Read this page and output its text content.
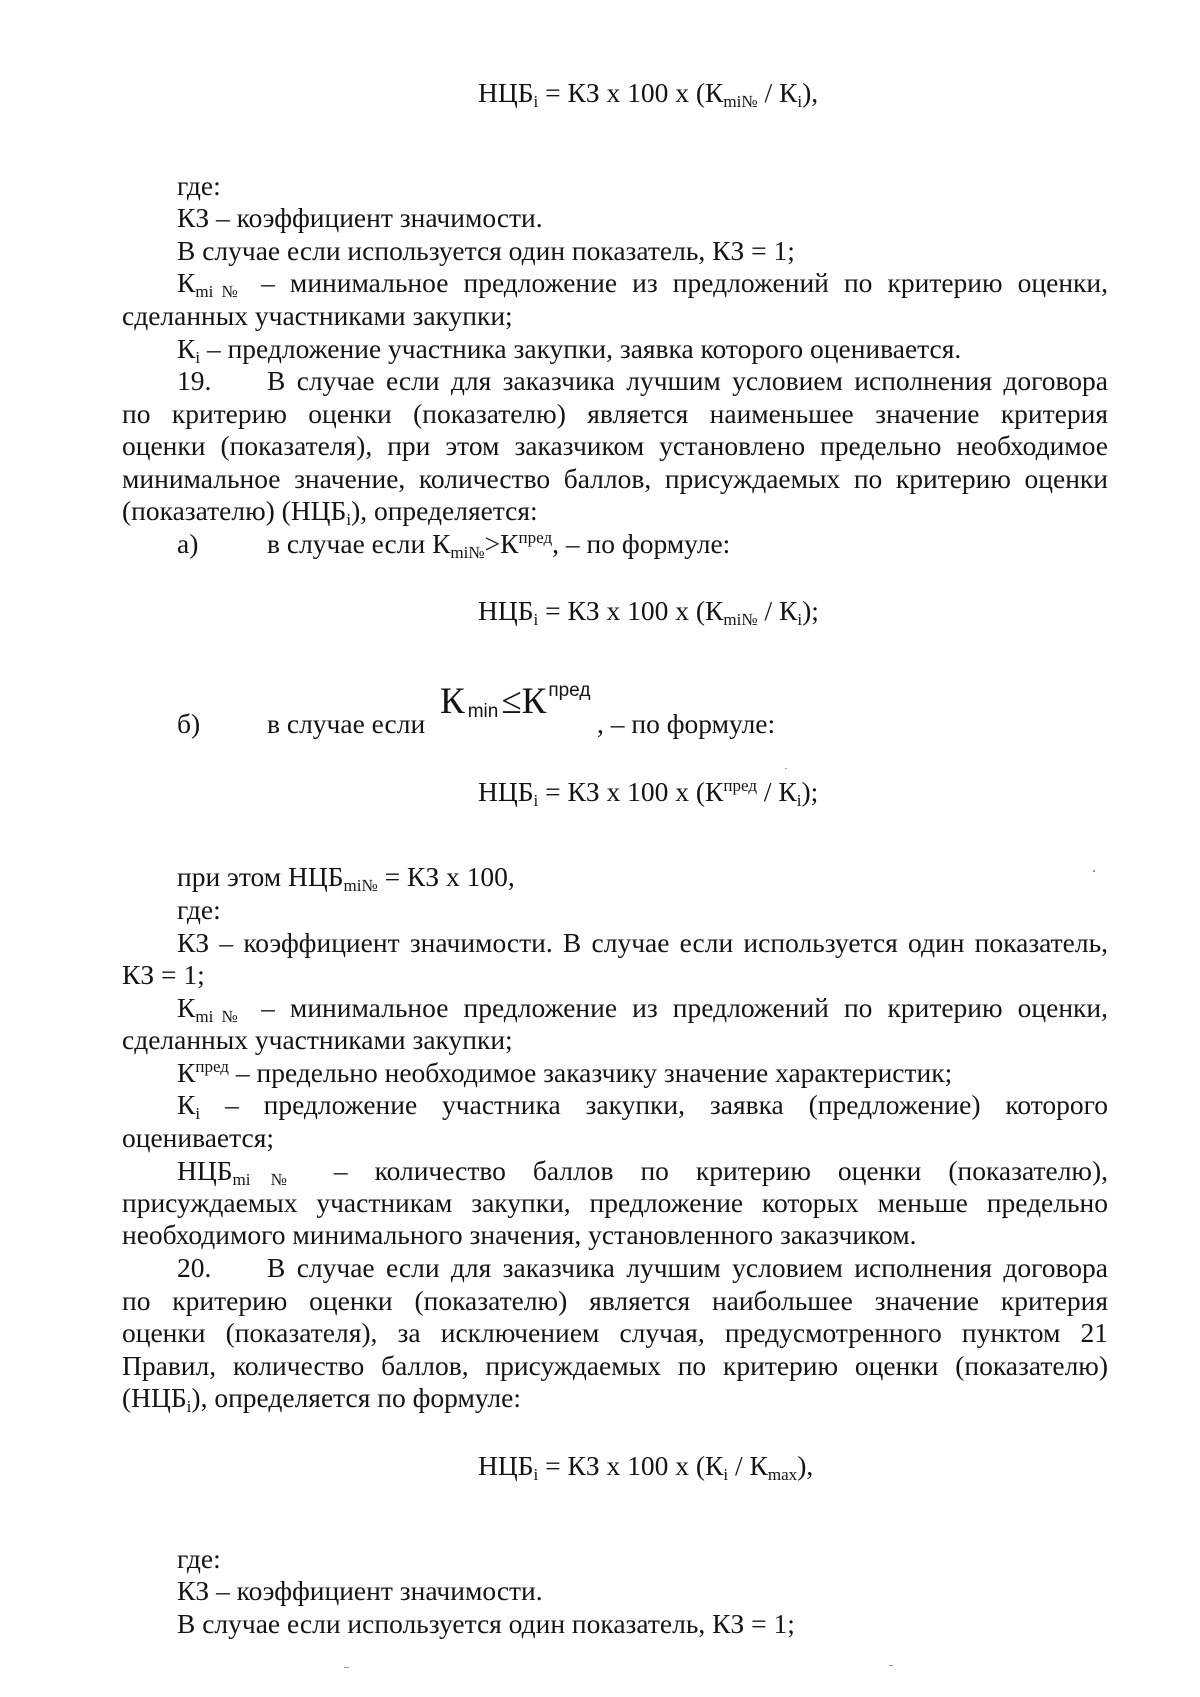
$НЦБ_i$ = КЗ х 100 х $(К_{mi№} / К_i)$,
где:
КЗ – коэффициент значимости.
В случае если используется один показатель, КЗ = 1;
$К_{mi№}$ – минимальное предложение из предложений по критерию оценки,
сделанных участниками закупки;
$К_i$ – предложение участника закупки, заявка которого оценивается.
19. В случае если для заказчика лучшим условием исполнения договора
по критерию оценки (показателю) является наименьшее значение критерия
оценки (показателя), при этом заказчиком установлено предельно необходимое
минимальное значение, количество баллов, присуждаемых по критерию оценки
(показателю) $(НЦБ_i)$, определяется:
а) в случае если $К_{mi№}>К^{пред}$, – по формуле:
$НЦБ_i$ = КЗ х 100 х $(К_{mi№} / К_i)$;
б) в случае если
Кmin≤К $^{пред}$
, – по формуле:
$НЦБ_i$ = КЗ х 100 х $(К^{пред} / К_i)$;
при этом $НЦБ_{mi№}$ = КЗ х 100,
где:
КЗ – коэффициент значимости. В случае если используется один показатель,
КЗ = 1;
$К_{mi№}$ – минимальное предложение из предложений по критерию оценки,
сделанных участниками закупки;
$К^{пред}$ – предельно необходимое заказчику значение характеристик;
$К_i$ – предложение участника закупки, заявка (предложение) которого
оценивается;
$НЦБ_{mi№}$ – количество баллов по критерию оценки (показателю),
присуждаемых участникам закупки, предложение которых меньше предельно
необходимого минимального значения, установленного заказчиком.
20. В случае если для заказчика лучшим условием исполнения договора
по критерию оценки (показателю) является наибольшее значение критерия
оценки (показателя), за исключением случая, предусмотренного пунктом 21
Правил, количество баллов, присуждаемых по критерию оценки (показателю)
$(НЦБ_i)$, определяется по формуле:
$НЦБ_i$ = КЗ х 100 х $(К_i / К_{max})$,
где:
КЗ – коэффициент значимости.
В случае если используется один показатель, КЗ = 1;
